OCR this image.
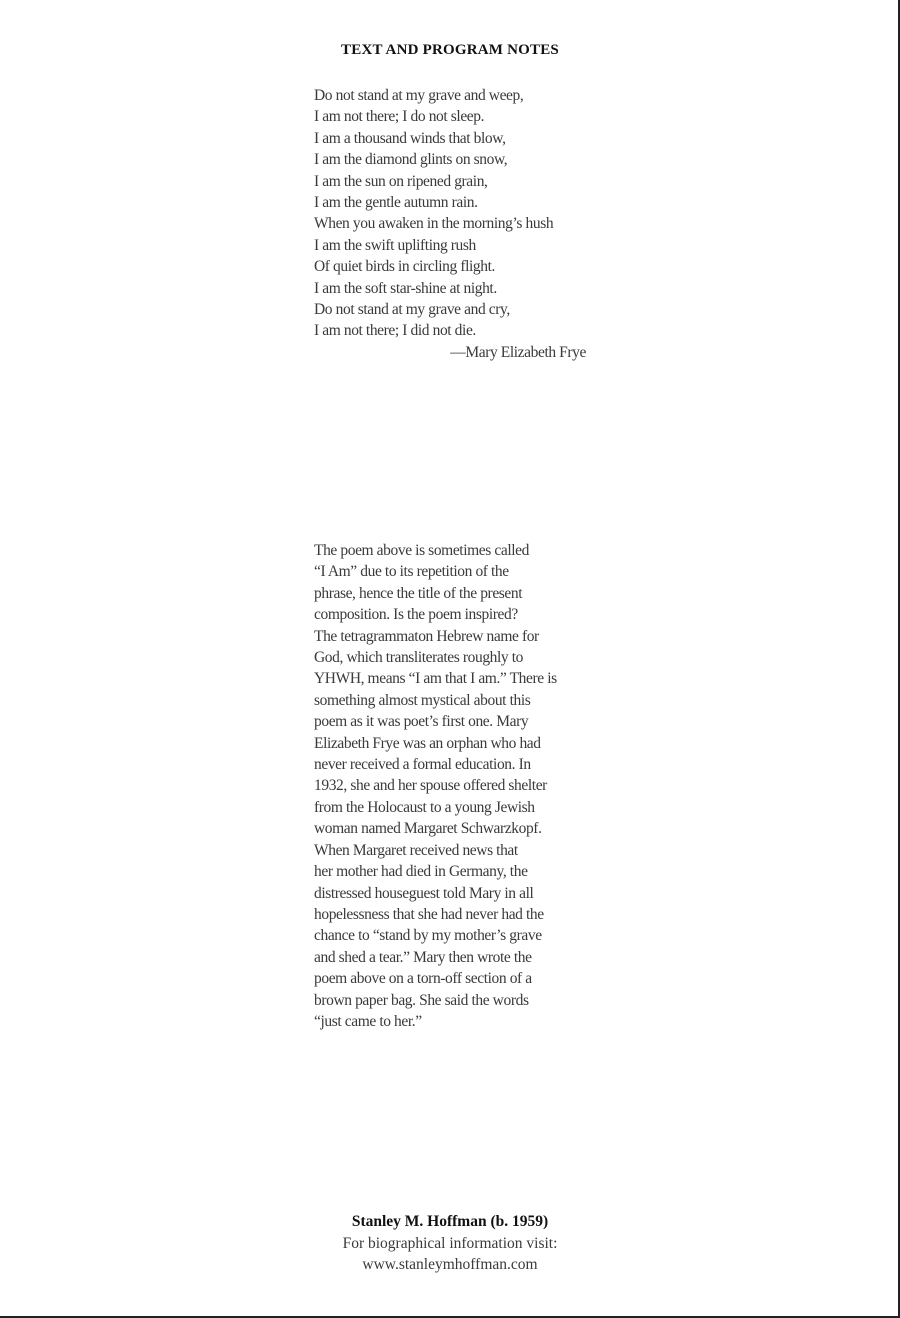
TEXT AND PROGRAM NOTES
Do not stand at my grave and weep,
I am not there; I do not sleep.
I am a thousand winds that blow,
I am the diamond glints on snow,
I am the sun on ripened grain,
I am the gentle autumn rain.
When you awaken in the morning’s hush
I am the swift uplifting rush
Of quiet birds in circling flight.
I am the soft star-shine at night.
Do not stand at my grave and cry,
I am not there; I did not die.
—Mary Elizabeth Frye
The poem above is sometimes called
“I Am” due to its repetition of the
phrase, hence the title of the present
composition. Is the poem inspired?
The tetragrammaton Hebrew name for
God, which transliterates roughly to
YHWH, means “I am that I am.” There is
something almost mystical about this
poem as it was poet’s first one. Mary
Elizabeth Frye was an orphan who had
never received a formal education. In
1932, she and her spouse offered shelter
from the Holocaust to a young Jewish
woman named Margaret Schwarzkopf.
When Margaret received news that
her mother had died in Germany, the
distressed houseguest told Mary in all
hopelessness that she had never had the
chance to “stand by my mother’s grave
and shed a tear.” Mary then wrote the
poem above on a torn-off section of a
brown paper bag. She said the words
“just came to her.”
Stanley M. Hoffman (b. 1959)
For biographical information visit:
www.stanleymhoffman.com
